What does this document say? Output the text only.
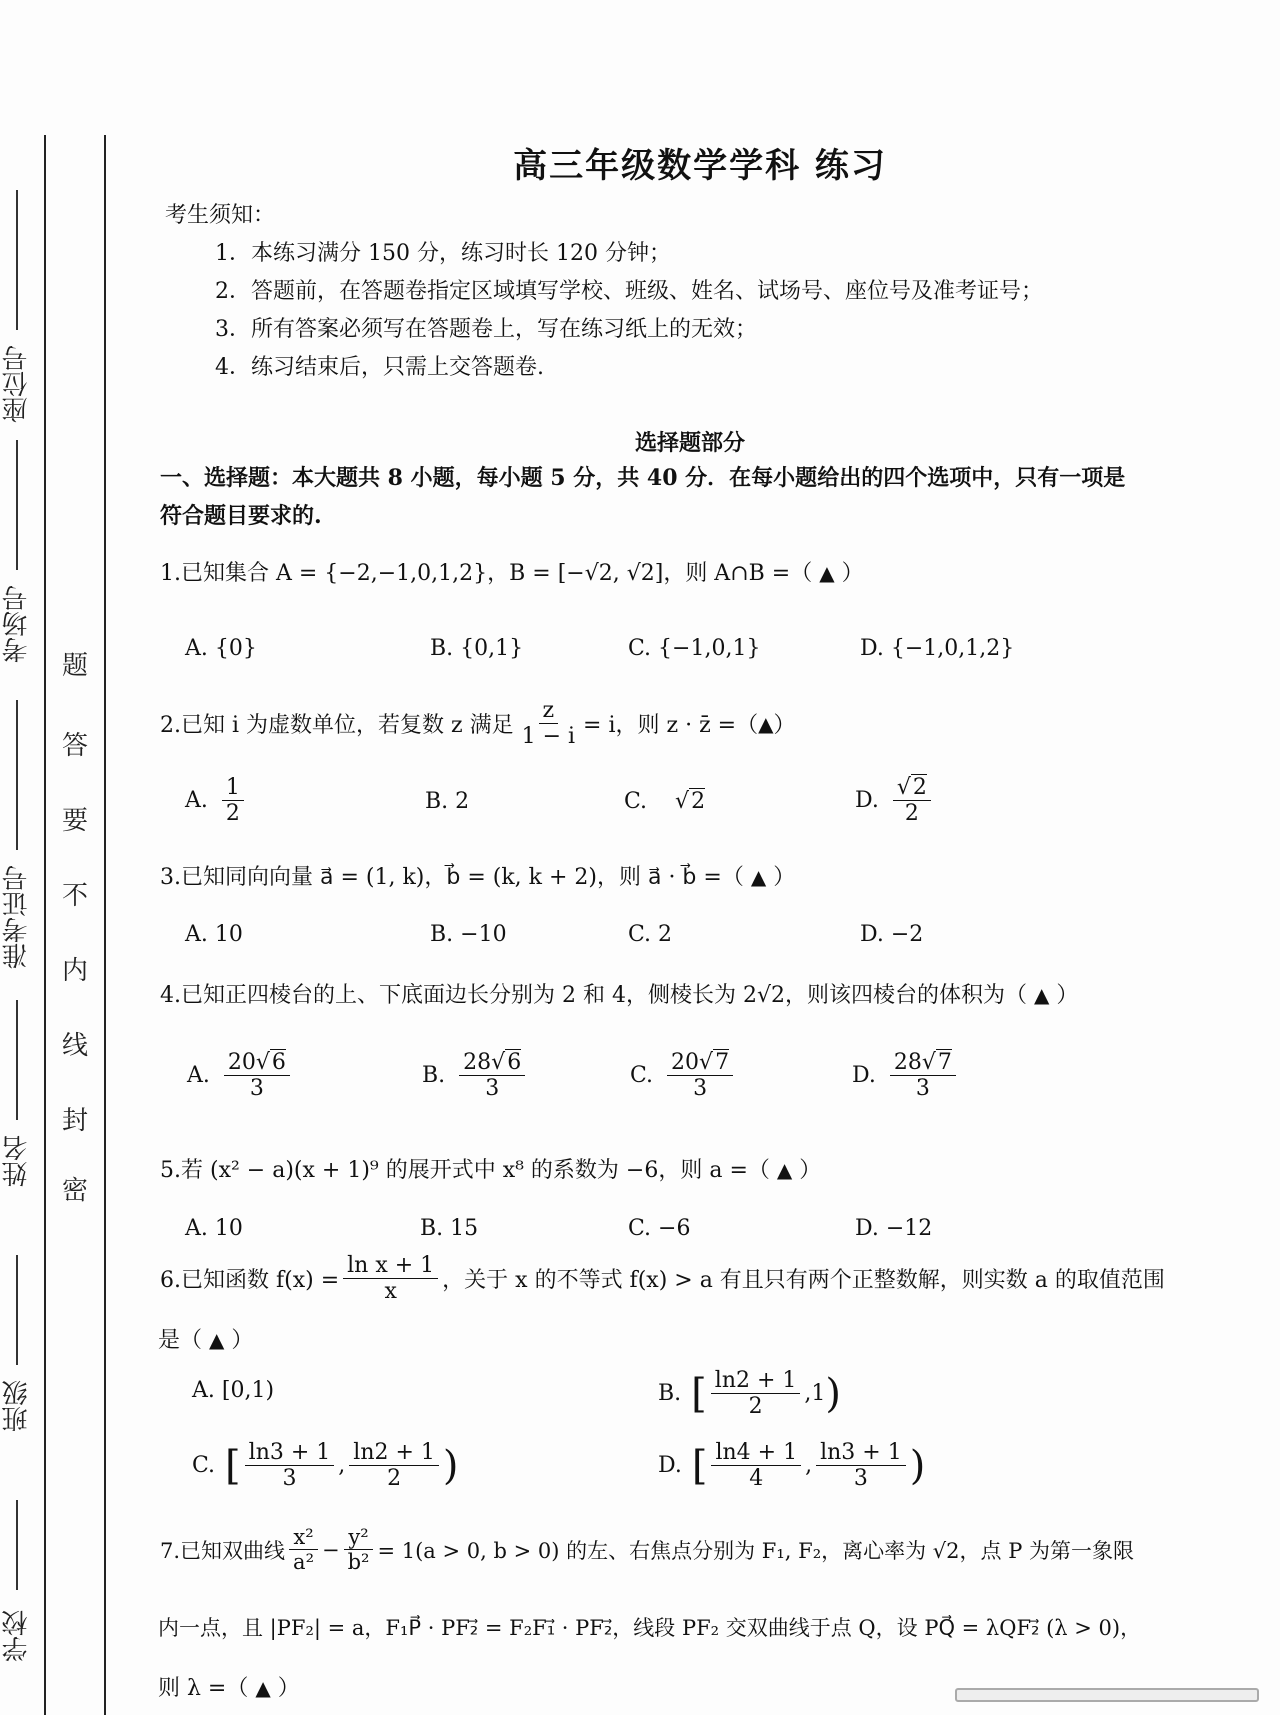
座位号
考场号
准考证号
姓名
班级
学校
题
答
要
不
内
线
封
密
高三年级数学学科 练习
考生须知：
1．本练习满分 150 分，练习时长 120 分钟；
2．答题前，在答题卷指定区域填写学校、班级、姓名、试场号、座位号及准考证号；
3．所有答案必须写在答题卷上，写在练习纸上的无效；
4．练习结束后，只需上交答题卷.
选择题部分
一、选择题：本大题共 8 小题，每小题 5 分，共 40 分．在每小题给出的四个选项中，只有一项是
符合题目要求的.
1.已知集合 A = {−2,−1,0,1,2}，B = [−√2, √2]，则 A∩B =（ ▲ ）
A. {0}	B. {0,1}	C. {−1,0,1}	D. {−1,0,1,2}
2.已知 i 为虚数单位，若复数 z 满足 $\frac{z}{1 - i} = i$，则 z · z̄ =（ ▲ ）
A. $\frac{1}{2}$	B. 2	C. √ 2	D. √ $\frac{2}{2}$
3.已知同向向量 a⃗ = (1, k)，b⃗ = (k, k + 2)，则 a⃗ · b⃗ =（ ▲ ）
A. 10	B. −10	C. 2	D. −2
4.已知正四棱台的上、下底面边长分别为 2 和 4，侧棱长为 2√2，则该四棱台的体积为（ ▲ ）
A. $\frac{20 √ 6}{3}$	B. $\frac{28 √ 6}{3}$	C. $\frac{20 √ 7}{3}$	D. $\frac{28 √ 7}{3}$
5.若 (x² − a)(x + 1)⁹ 的展开式中 x⁸ 的系数为 −6，则 a =（ ▲ ）
A. 10	B. 15	C. −6	D. −12
6.已知函数 $f(x) = \frac{\text{ln x + 1}}{x}$ ，关于 x 的不等式 f(x) > a 有且只有两个正整数解，则实数 a 的取值范围
是（ ▲ ）
A. [0,1)	B. [ $\frac{\ln 2 + 1}{2} ,1$ )
C. [ $\frac{\ln 3 + 1}{3}$ , $\frac{\ln 2 + 1}{2}$ )	D. [ $\frac{\ln 4 + 1}{4}$ , $\frac{\ln 3 + 1}{3}$ )
7.已知双曲线 $\frac{\text{x²}}{\text{a²}} - \frac{\text{y²}}{\text{b²}} = 1(a > 0$, b > 0) 的左、右焦点分别为 F₁, F₂，离心率为 √2，点 P 为第一象限
内一点，且 |PF₂| = a，F₁P⃗ · PF₂⃗ = F₂F₁⃗ · PF₂⃗，线段 PF₂ 交双曲线于点 Q，设 PQ⃗ = λQF₂⃗ (λ > 0)，
则 λ =（ ▲ ）
